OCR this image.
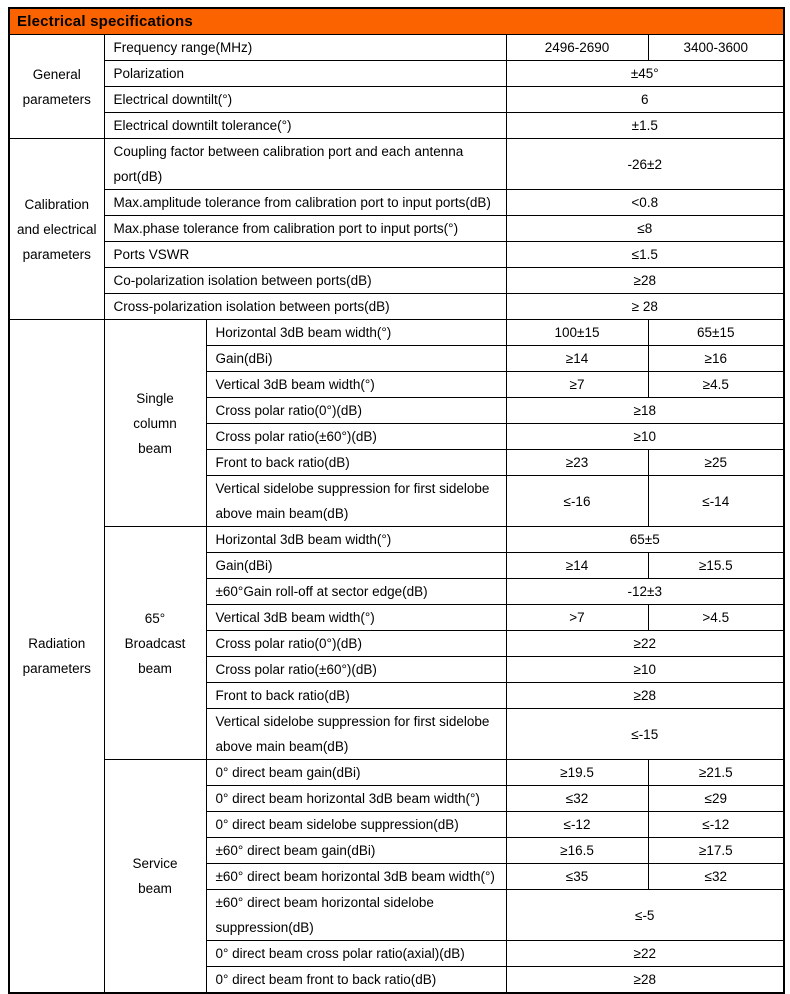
Electrical specifications				
General parameters	Frequency range(MHz)		2496-2690	3400-3600
	Polarization		±45°	
	Electrical downtilt(°)		6	
	Electrical downtilt tolerance(°)		±1.5	
Calibration and electrical parameters	Coupling factor between calibration port and each antenna port(dB)		-26±2	
	Max.amplitude tolerance from calibration port to input ports(dB)		<0.8	
	Max.phase tolerance from calibration port to input ports(°)		≤8	
	Ports VSWR		≤1.5	
	Co-polarization isolation between ports(dB)		≥28	
	Cross-polarization isolation between ports(dB)		≥ 28	
Radiation parameters	Single column beam	Horizontal 3dB beam width(°)	100±15	65±15
		Gain(dBi)	≥14	≥16
		Vertical 3dB beam width(°)	≥7	≥4.5
		Cross polar ratio(0°)(dB)	≥18	
		Cross polar ratio(±60°)(dB)	≥10	
		Front to back ratio(dB)	≥23	≥25
		Vertical sidelobe suppression for first sidelobe above main beam(dB)	≤-16	≤-14
	65° Broadcast beam	Horizontal 3dB beam width(°)	65±5	
		Gain(dBi)	≥14	≥15.5
		±60°Gain roll-off at sector edge(dB)	-12±3	
		Vertical 3dB beam width(°)	>7	>4.5
		Cross polar ratio(0°)(dB)	≥22	
		Cross polar ratio(±60°)(dB)	≥10	
		Front to back ratio(dB)	≥28	
		Vertical sidelobe suppression for first sidelobe above main beam(dB)	≤-15	
	Service beam	0° direct beam gain(dBi)	≥19.5	≥21.5
		0° direct beam horizontal 3dB beam width(°)	≤32	≤29
		0° direct beam sidelobe suppression(dB)	≤-12	≤-12
		±60° direct beam gain(dBi)	≥16.5	≥17.5
		±60° direct beam horizontal 3dB beam width(°)	≤35	≤32
		±60° direct beam horizontal sidelobe suppression(dB)	≤-5	
		0° direct beam cross polar ratio(axial)(dB)	≥22	
		0° direct beam front to back ratio(dB)	≥28	
